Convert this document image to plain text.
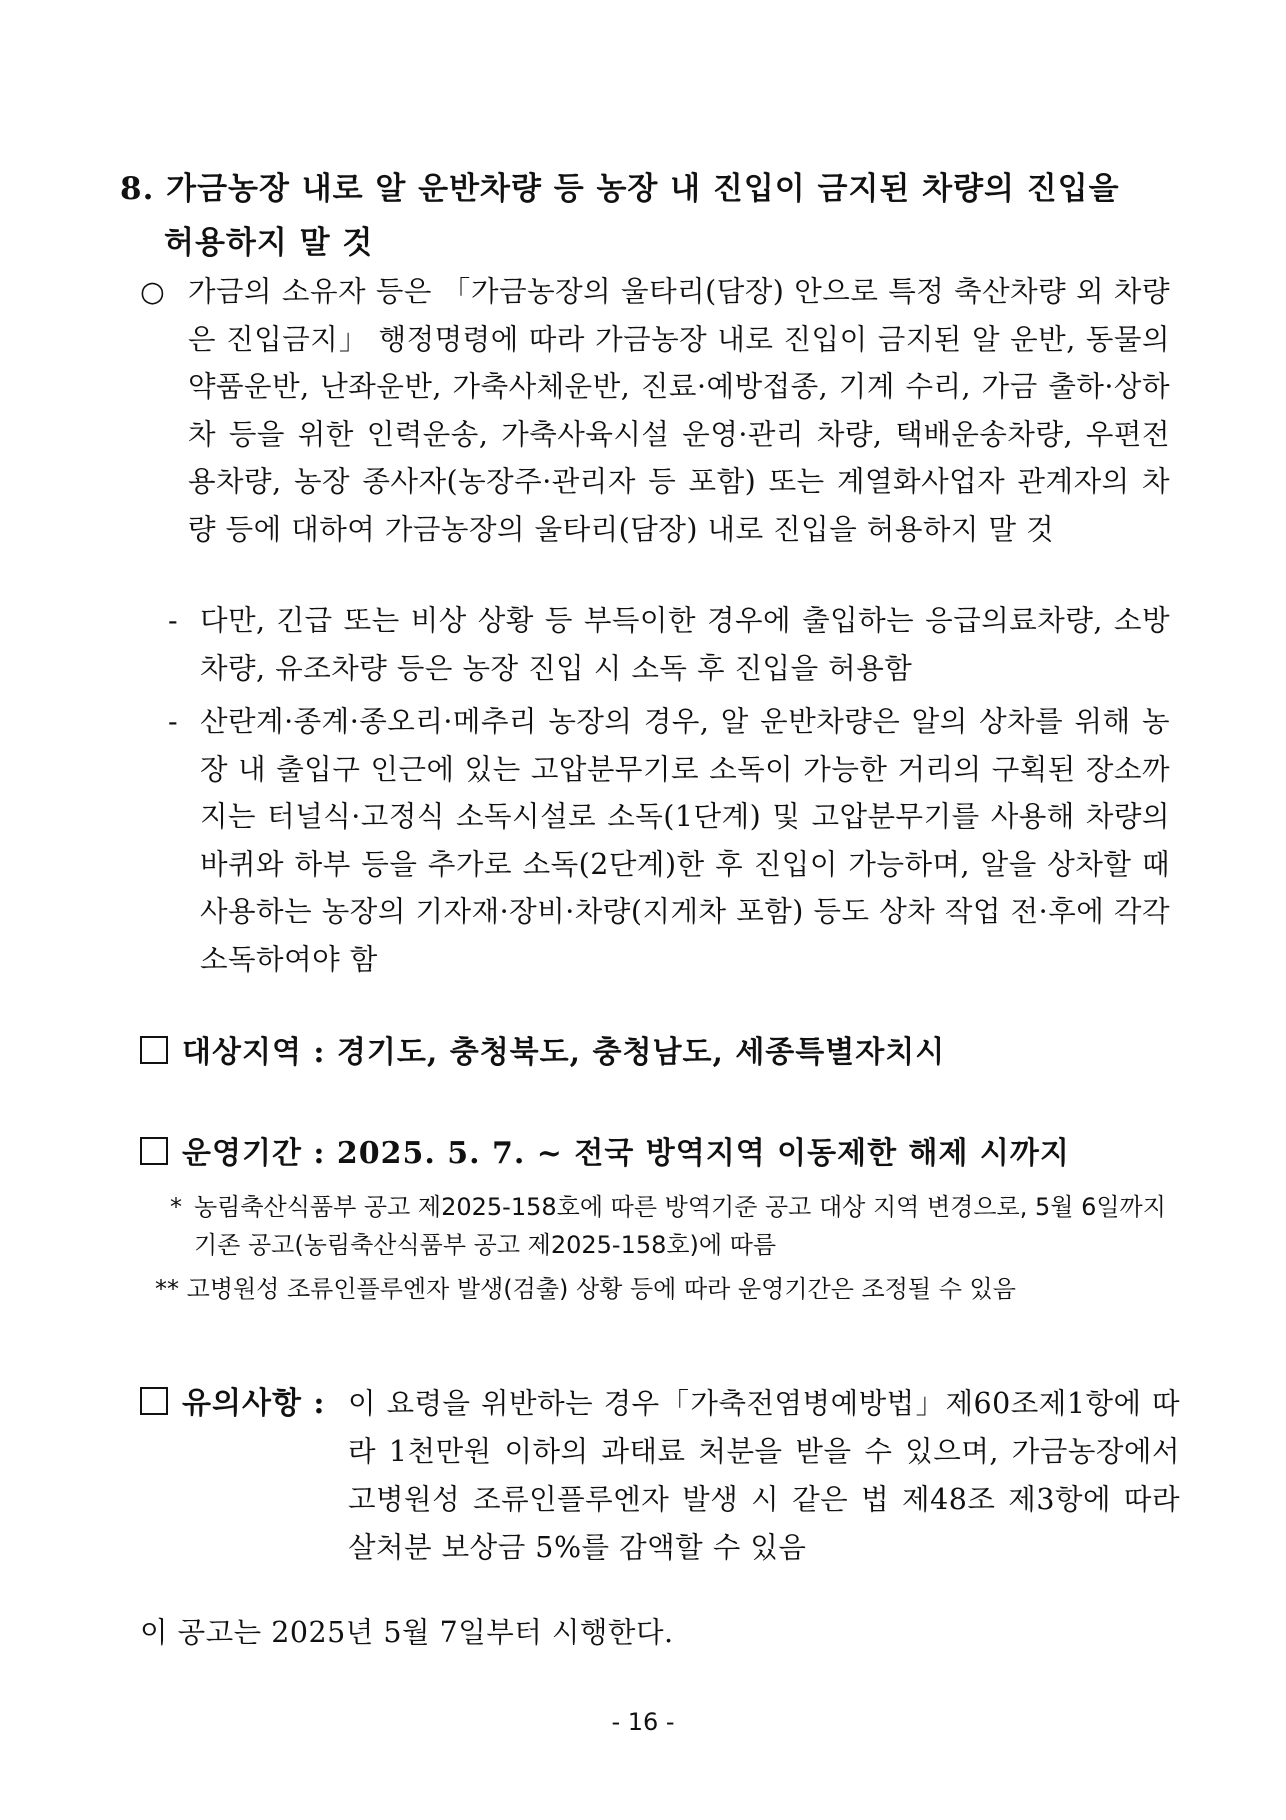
8. 가금농장 내로 알 운반차량 등 농장 내 진입이 금지된 차량의 진입을
허용하지 말 것
○ 가금의 소유자 등은 「가금농장의 울타리(담장) 안으로 특정 축산차량 외 차량은 진입금지」 행정명령에 따라 가금농장 내로 진입이 금지된 알 운반, 동물의약품운반, 난좌운반, 가축사체운반, 진료·예방접종, 기계 수리, 가금 출하·상하차 등을 위한 인력운송, 가축사육시설 운영·관리 차량, 택배운송차량, 우편전용차량, 농장 종사자(농장주·관리자 등 포함) 또는 계열화사업자 관계자의 차량 등에 대하여 가금농장의 울타리(담장) 내로 진입을 허용하지 말 것
- 다만, 긴급 또는 비상 상황 등 부득이한 경우에 출입하는 응급의료차량, 소방차량, 유조차량 등은 농장 진입 시 소독 후 진입을 허용함
- 산란계·종계·종오리·메추리 농장의 경우, 알 운반차량은 알의 상차를 위해 농장 내 출입구 인근에 있는 고압분무기로 소독이 가능한 거리의 구획된 장소까지는 터널식·고정식 소독시설로 소독(1단계) 및 고압분무기를 사용해 차량의 바퀴와 하부 등을 추가로 소독(2단계)한 후 진입이 가능하며, 알을 상차할 때 사용하는 농장의 기자재·장비·차량(지게차 포함) 등도 상차 작업 전·후에 각각 소독하여야 함
대상지역 : 경기도, 충청북도, 충청남도, 세종특별자치시
운영기간 : 2025. 5. 7. ~ 전국 방역지역 이동제한 해제 시까지
* 농림축산식품부 공고 제2025-158호에 따른 방역기준 공고 대상 지역 변경으로, 5월 6일까지 기존 공고(농림축산식품부 공고 제2025-158호)에 따름
** 고병원성 조류인플루엔자 발생(검출) 상황 등에 따라 운영기간은 조정될 수 있음
유의사항 : 이 요령을 위반하는 경우「가축전염병예방법」제60조제1항에 따라 1천만원 이하의 과태료 처분을 받을 수 있으며, 가금농장에서 고병원성 조류인플루엔자 발생 시 같은 법 제48조 제3항에 따라 살처분 보상금 5%를 감액할 수 있음
이 공고는 2025년 5월 7일부터 시행한다.
- 16 -
